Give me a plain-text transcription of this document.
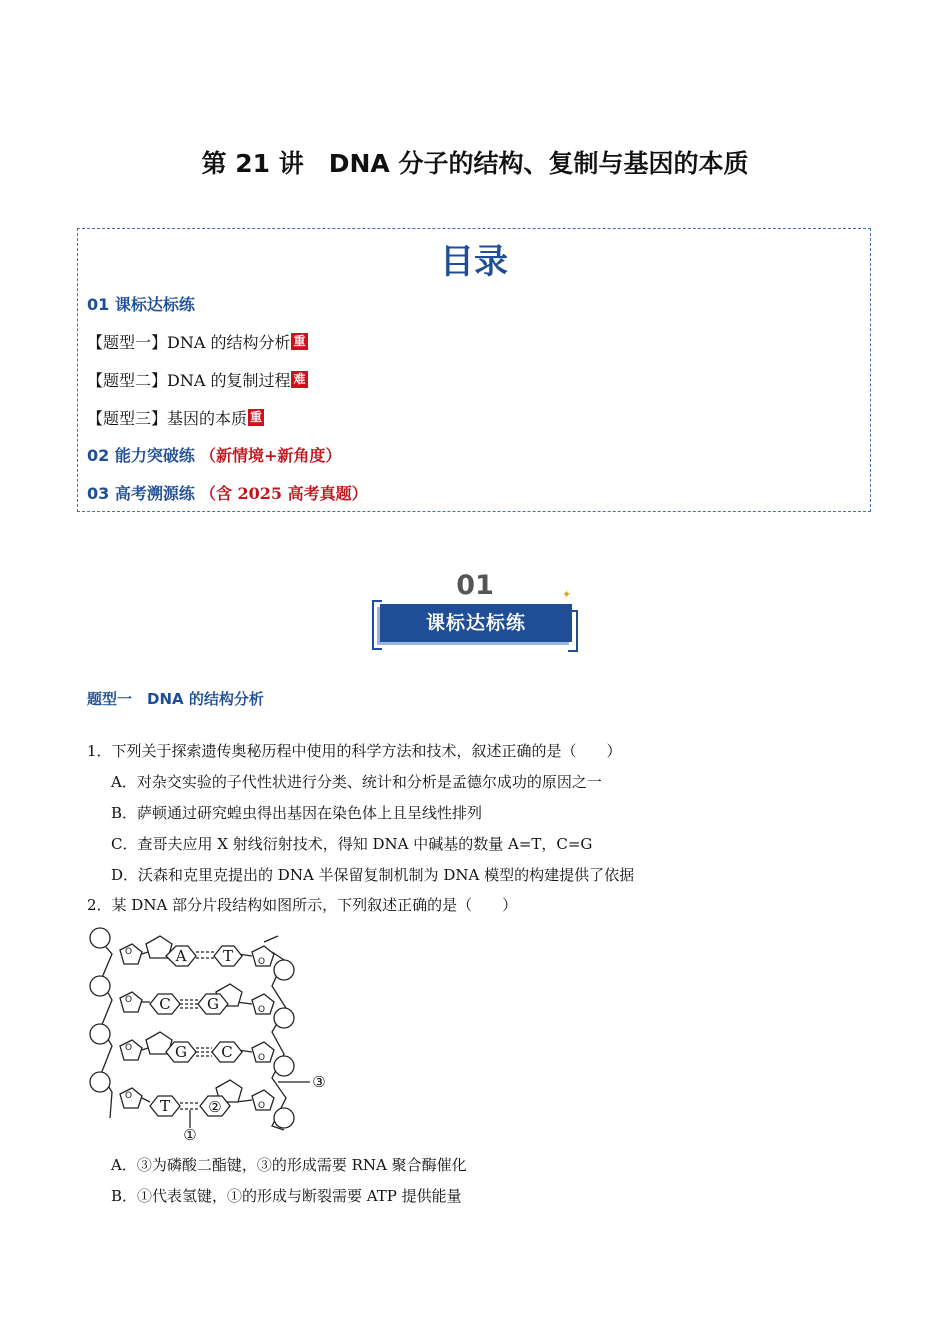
第 21 讲　DNA 分子的结构、复制与基因的本质
目录
01 课标达标练
【题型一】DNA 的结构分析 重
【题型二】DNA 的复制过程 难
【题型三】基因的本质 重
02 能力突破练 （新情境+新角度）
03 高考溯源练 （含 2025 高考真题）
01
课标达标练
✦
题型一　DNA 的结构分析
1．下列关于探索遗传奥秘历程中使用的科学方法和技术，叙述正确的是（　　）
A．对杂交实验的子代性状进行分类、统计和分析是孟德尔成功的原因之一
B．萨顿通过研究蝗虫得出基因在染色体上且呈线性排列
C．查哥夫应用 X 射线衍射技术，得知 DNA 中碱基的数量 A=T，C=G
D．沃森和克里克提出的 DNA 半保留复制机制为 DNA 模型的构建提供了依据
2．某 DNA 部分片段结构如图所示，下列叙述正确的是（　　）
O
O
O
O
O
O
O
O
A T
C G
G C
T	②
①
③
A．③为磷酸二酯键，③的形成需要 RNA 聚合酶催化
B．①代表氢键，①的形成与断裂需要 ATP 提供能量
